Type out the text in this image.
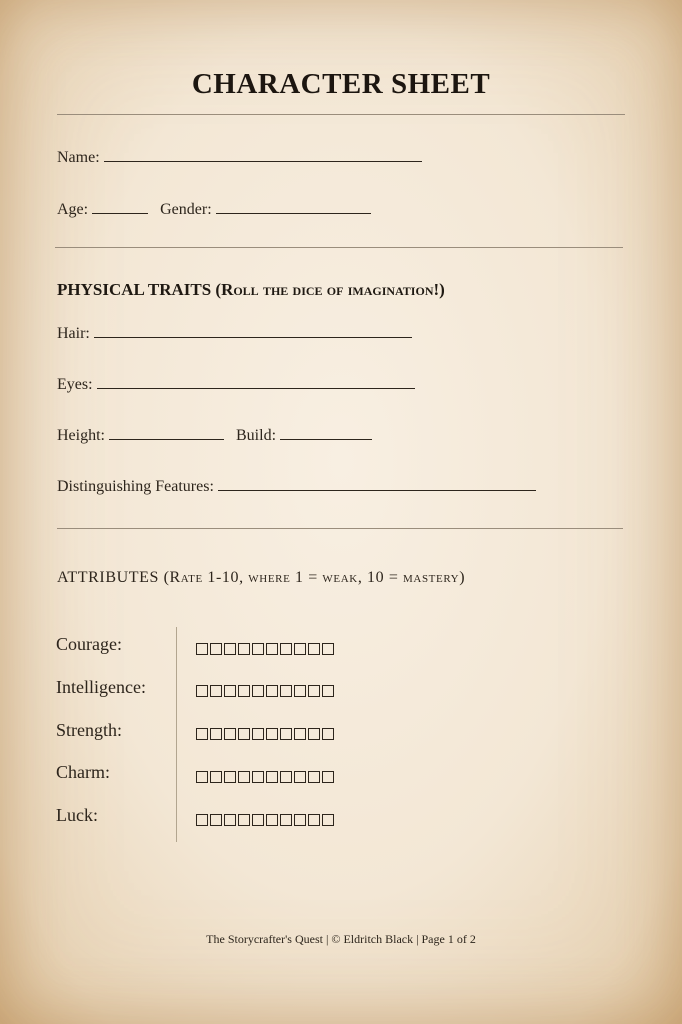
CHARACTER SHEET
Name:
Age:	Gender:
PHYSICAL TRAITS (Roll the dice of imagination!)
Hair:
Eyes:
Height:	Build:
Distinguishing Features:
ATTRIBUTES (Rate 1-10, where 1 = weak, 10 = mastery)
Courage:
Intelligence:
Strength:
Charm:
Luck:
The Storycrafter's Quest | © Eldritch Black | Page 1 of 2
